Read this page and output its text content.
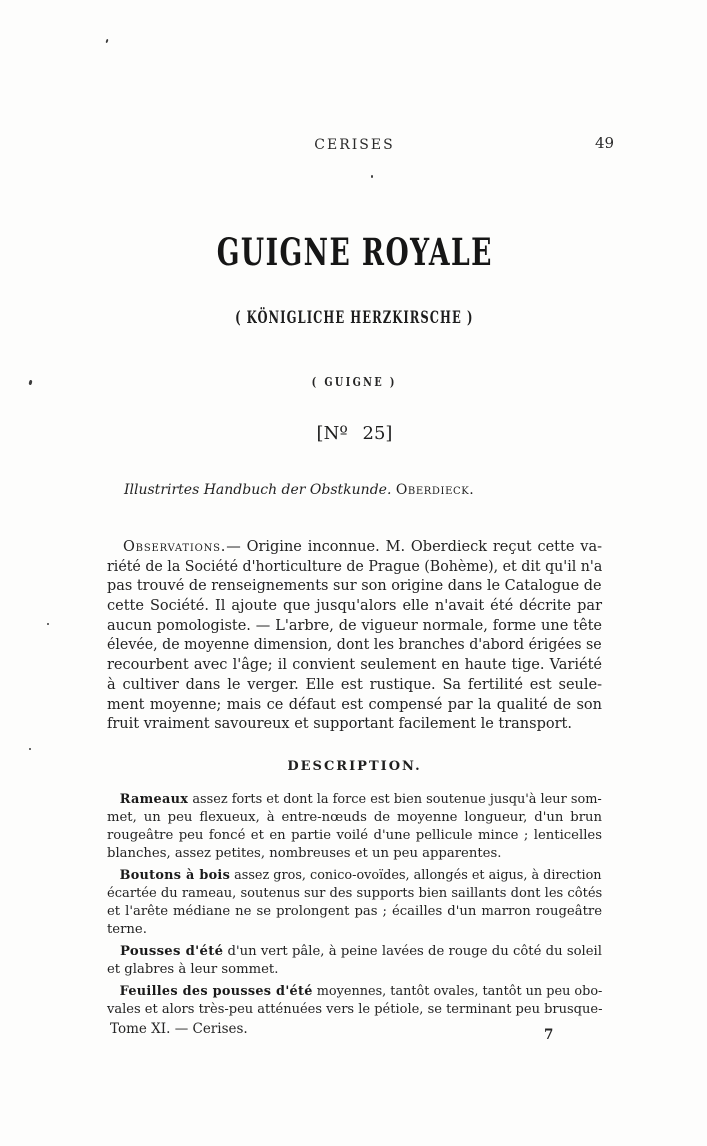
CERISES	49
GUIGNE ROYALE
( KÖNIGLICHE HERZKIRSCHE )
( GUIGNE )
[Nº 25]
Illustrirtes Handbuch der Obstkunde. Oberdieck.
Observations.— Origine inconnue. M. Oberdieck reçut cette va-
riété de la Société d'horticulture de Prague (Bohème), et dit qu'il n'a
pas trouvé de renseignements sur son origine dans le Catalogue de
cette Société. Il ajoute que jusqu'alors elle n'avait été décrite par
aucun pomologiste. — L'arbre, de vigueur normale, forme une tête
élevée, de moyenne dimension, dont les branches d'abord érigées se
recourbent avec l'âge; il convient seulement en haute tige. Variété
à cultiver dans le verger. Elle est rustique. Sa fertilité est seule-
ment moyenne; mais ce défaut est compensé par la qualité de son
fruit vraiment savoureux et supportant facilement le transport.
DESCRIPTION.
Rameaux assez forts et dont la force est bien soutenue jusqu'à leur som-
met, un peu flexueux, à entre-nœuds de moyenne longueur, d'un brun
rougeâtre peu foncé et en partie voilé d'une pellicule mince ; lenticelles
blanches, assez petites, nombreuses et un peu apparentes.
Boutons à bois assez gros, conico-ovoïdes, allongés et aigus, à direction
écartée du rameau, soutenus sur des supports bien saillants dont les côtés
et l'arête médiane ne se prolongent pas ; écailles d'un marron rougeâtre
terne.
Pousses d'été d'un vert pâle, à peine lavées de rouge du côté du soleil
et glabres à leur sommet.
Feuilles des pousses d'été moyennes, tantôt ovales, tantôt un peu obo-
vales et alors très-peu atténuées vers le pétiole, se terminant peu brusque-
Tome XI. — Cerises.	7
